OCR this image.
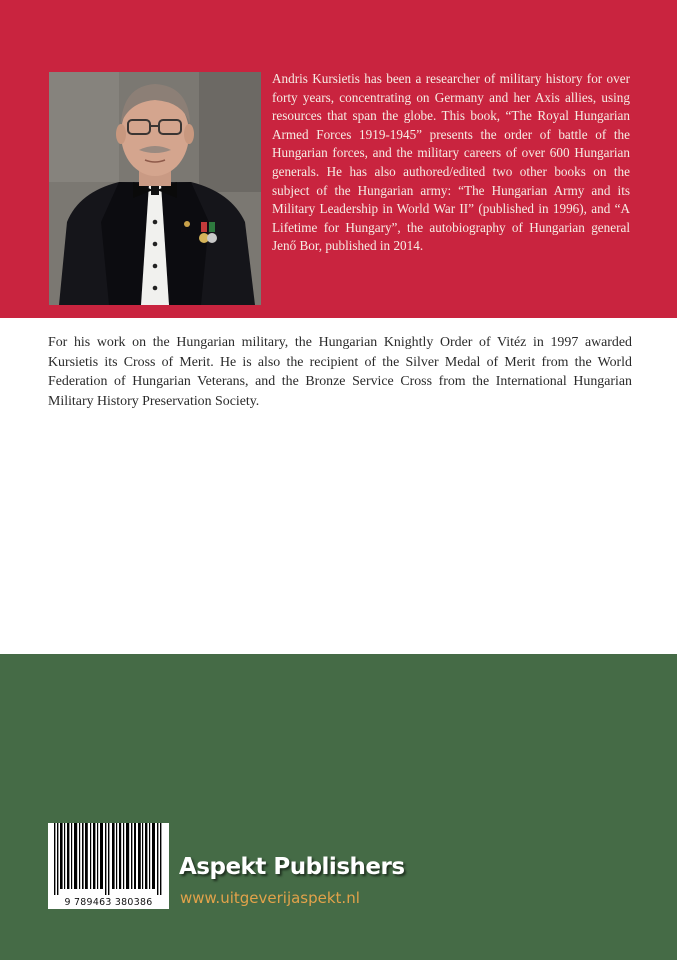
Andris Kursietis has been a researcher of military history for over forty years, concentrating on Germany and her Axis allies, using resources that span the globe. This book, “The Royal Hungarian Armed Forces 1919-1945” presents the order of battle of the Hungarian forces, and the military careers of over 600 Hungarian generals. He has also authored/edited two other books on the subject of the Hungarian army: “The Hungarian Army and its Military Leadership in World War II” (published in 1996), and “A Lifetime for Hungary”, the autobiography of Hungarian general Jenő Bor, published in 2014.

For his work on the Hungarian military, the Hungarian Knightly Order of Vitéz in 1997 awarded Kursietis its Cross of Merit. He is also the recipient of the Silver Medal of Merit from the World Federation of Hungarian Veterans, and the Bronze Service Cross from the International Hungarian Military History Preservation Society.

9 789463 380386
Aspekt Publishers
www.uitgeverijaspekt.nl
